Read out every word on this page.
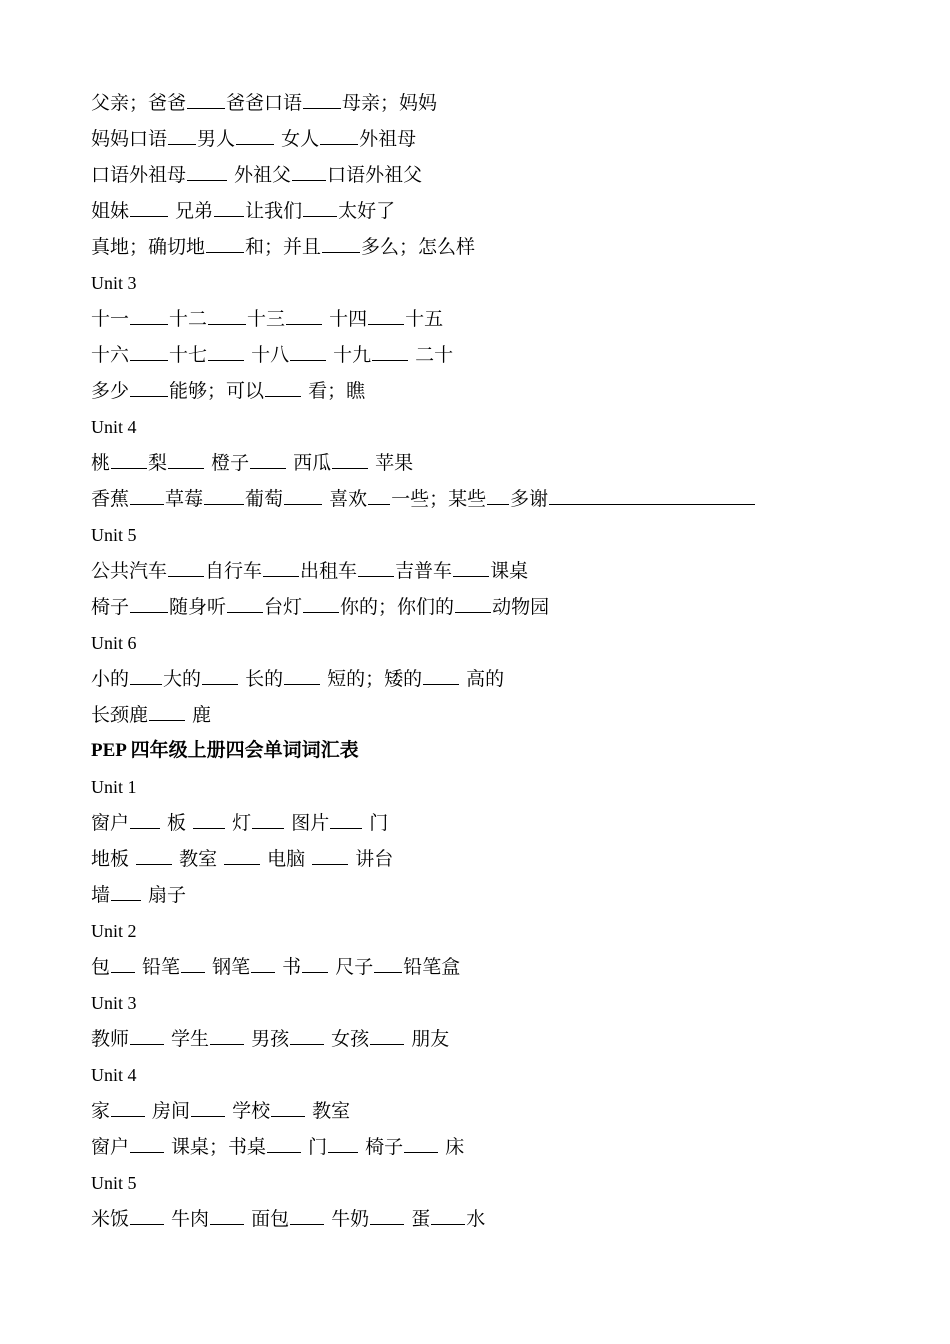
父亲；爸爸 爸爸口语 母亲；妈妈
妈妈口语 男人 女人 外祖母
口语外祖母 外祖父 口语外祖父
姐妹 兄弟 让我们 太好了
真地；确切地 和；并且 多么；怎么样
Unit 3
十一 十二 十三 十四 十五
十六 十七 十八 十九 二十
多少 能够；可以 看；瞧
Unit 4
桃 梨 橙子 西瓜 苹果
香蕉 草莓 葡萄 喜欢 一些；某些 多谢
Unit 5
公共汽车 自行车 出租车 吉普车 课桌
椅子 随身听 台灯 你的；你们的 动物园
Unit 6
小的 大的 长的 短的；矮的 高的
长颈鹿 鹿
PEP 四年级上册四会单词词汇表
Unit 1
窗户 板  灯 图片 门
地板  教室  电脑  讲台
墙 扇子
Unit 2
包 铅笔 钢笔 书 尺子 铅笔盒
Unit 3
教师 学生 男孩 女孩 朋友
Unit 4
家 房间 学校 教室
窗户 课桌；书桌 门 椅子 床
Unit 5
米饭 牛肉 面包 牛奶 蛋 水
